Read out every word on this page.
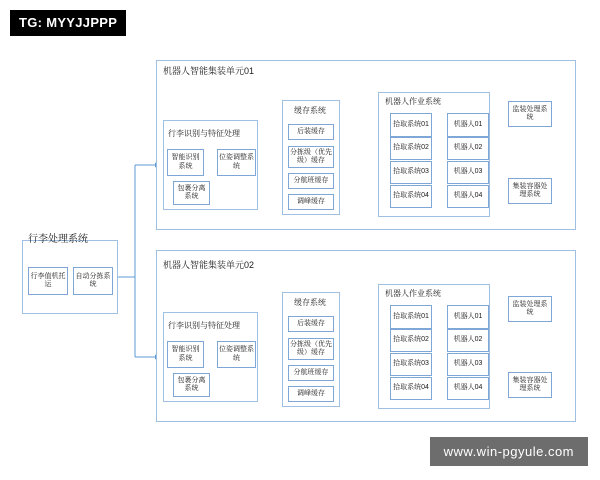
行李处理系统
行李值机托运
自动分拣系统
机器人智能集装单元01
行李识别与特征处理
智能识别系统
位姿调整系统
包裹分离系统
缓存系统
后装缓存
分拣级（优先级）缓存
分航班缓存
调峰缓存
机器人作业系统
拾取系统01
拾取系统02
拾取系统03
拾取系统04
机器人01
机器人02
机器人03
机器人04
监装处理系统
集装容器处理系统
机器人智能集装单元02
行李识别与特征处理
智能识别系统
位姿调整系统
包裹分离系统
缓存系统
后装缓存
分拣级（优先级）缓存
分航班缓存
调峰缓存
机器人作业系统
拾取系统01
拾取系统02
拾取系统03
拾取系统04
机器人01
机器人02
机器人03
机器人04
监装处理系统
集装容器处理系统
TG: MYYJJPPP
www.win-pgyule.com
